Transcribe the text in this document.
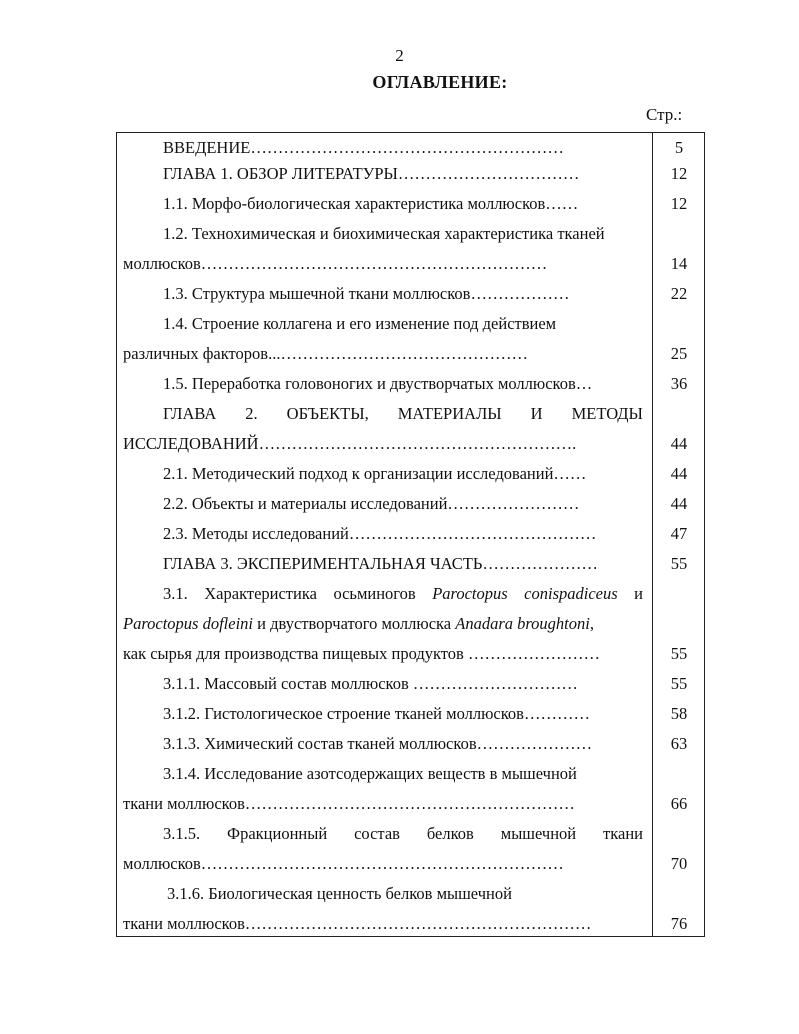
2
ОГЛАВЛЕНИЕ:
Стр.:
ВВЕДЕНИЕ…………………………………………………	5
ГЛАВА 1. ОБЗОР ЛИТЕРАТУРЫ……………………………	12
1.1. Морфо-биологическая характеристика моллюсков……	12
1.2. Технохимическая и биохимическая характеристика тканей
моллюсков………………………………………………………	14
1.3. Структура мышечной ткани моллюсков………………	22
1.4. Строение коллагена и его изменение под действием
различных факторов...………………………………………	25
1.5. Переработка головоногих и двустворчатых моллюсков…	36
ГЛАВА 2. ОБЪЕКТЫ, МАТЕРИАЛЫ И МЕТОДЫ
ИССЛЕДОВАНИЙ………………………………………………….	44
2.1. Методический подход к организации исследований……	44
2.2. Объекты и материалы исследований……………………	44
2.3. Методы исследований………………………………………	47
ГЛАВА 3. ЭКСПЕРИМЕНТАЛЬНАЯ ЧАСТЬ…………………	55
3.1. Характеристика осьминогов Paroctopus conispadiceus и
Paroctopus dofleini и двустворчатого моллюска Anadara broughtoni,
как сырья для производства пищевых продуктов ……………………	55
3.1.1. Массовый состав моллюсков …………………………	55
3.1.2. Гистологическое строение тканей моллюсков…………	58
3.1.3. Химический состав тканей моллюсков…………………	63
3.1.4. Исследование азотсодержащих веществ в мышечной
ткани моллюсков……………………………………………………	66
3.1.5. Фракционный состав белков мышечной ткани
моллюсков…………………………………………………………	70
3.1.6. Биологическая ценность белков мышечной
ткани моллюсков………………………………………………………	76
